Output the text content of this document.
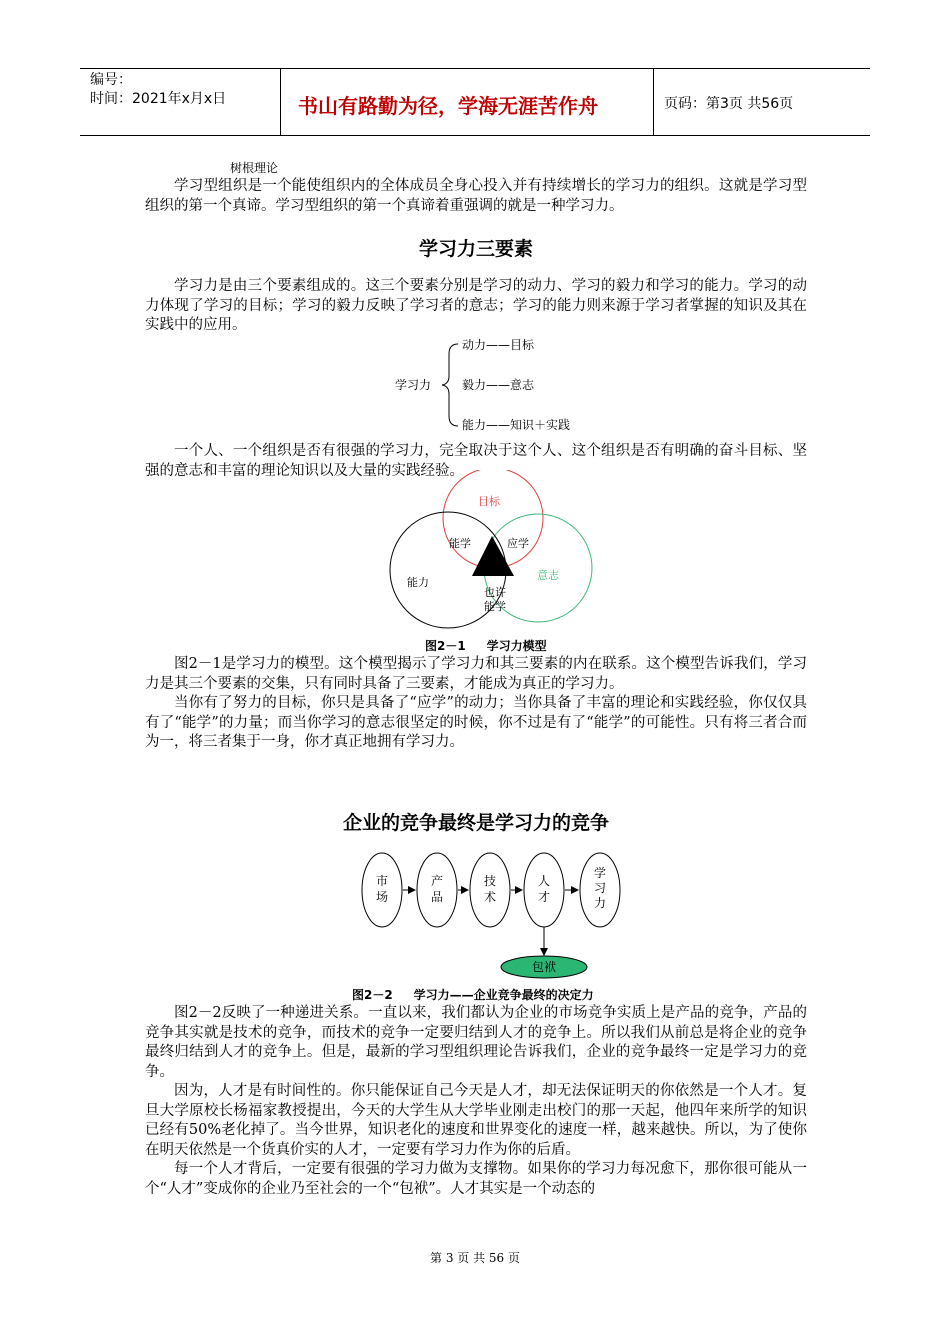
编号：
时间：2021年x月x日	书山有路勤为径，学海无涯苦作舟	页码：第3页 共56页
树根理论

学习型组织是一个能使组织内的全体成员全身心投入并有持续增长的学习力的组织。这就是学习型组织的第一个真谛。学习型组织的第一个真谛着重强调的就是一种学习力。

学习力三要素

学习力是由三个要素组成的。这三个要素分别是学习的动力、学习的毅力和学习的能力。学习的动力体现了学习的目标；学习的毅力反映了学习者的意志；学习的能力则来源于学习者掌握的知识及其在实践中的应用。

学习力
动力——目标
毅力——意志
能力——知识＋实践

一个人、一个组织是否有很强的学习力，完全取决于这个人、这个组织是否有明确的奋斗目标、坚强的意志和丰富的理论知识以及大量的实践经验。

目标
意志
能力
能学	应学
也许
能学
图2－1     学习力模型

图2－1是学习力的模型。这个模型揭示了学习力和其三要素的内在联系。这个模型告诉我们，学习力是其三个要素的交集，只有同时具备了三要素，才能成为真正的学习力。

当你有了努力的目标，你只是具备了“应学”的动力；当你具备了丰富的理论和实践经验，你仅仅具有了“能学”的力量；而当你学习的意志很坚定的时候，你不过是有了“能学”的可能性。只有将三者合而为一，将三者集于一身，你才真正地拥有学习力。

企业的竞争最终是学习力的竞争
市场
产品
技术
人才
学习力
包袱
图2－2     学习力——企业竞争最终的决定力

图2－2反映了一种递进关系。一直以来，我们都认为企业的市场竞争实质上是产品的竞争，产品的竞争其实就是技术的竞争，而技术的竞争一定要归结到人才的竞争上。所以我们从前总是将企业的竞争最终归结到人才的竞争上。但是，最新的学习型组织理论告诉我们，企业的竞争最终一定是学习力的竞争。

因为，人才是有时间性的。你只能保证自己今天是人才，却无法保证明天的你依然是一个人才。复旦大学原校长杨福家教授提出，今天的大学生从大学毕业刚走出校门的那一天起，他四年来所学的知识已经有50%老化掉了。当今世界，知识老化的速度和世界变化的速度一样，越来越快。所以，为了使你在明天依然是一个货真价实的人才，一定要有学习力作为你的后盾。

每一个人才背后，一定要有很强的学习力做为支撑物。如果你的学习力每况愈下，那你很可能从一个“人才”变成你的企业乃至社会的一个“包袱”。人才其实是一个动态的

第 3 页 共 56 页
